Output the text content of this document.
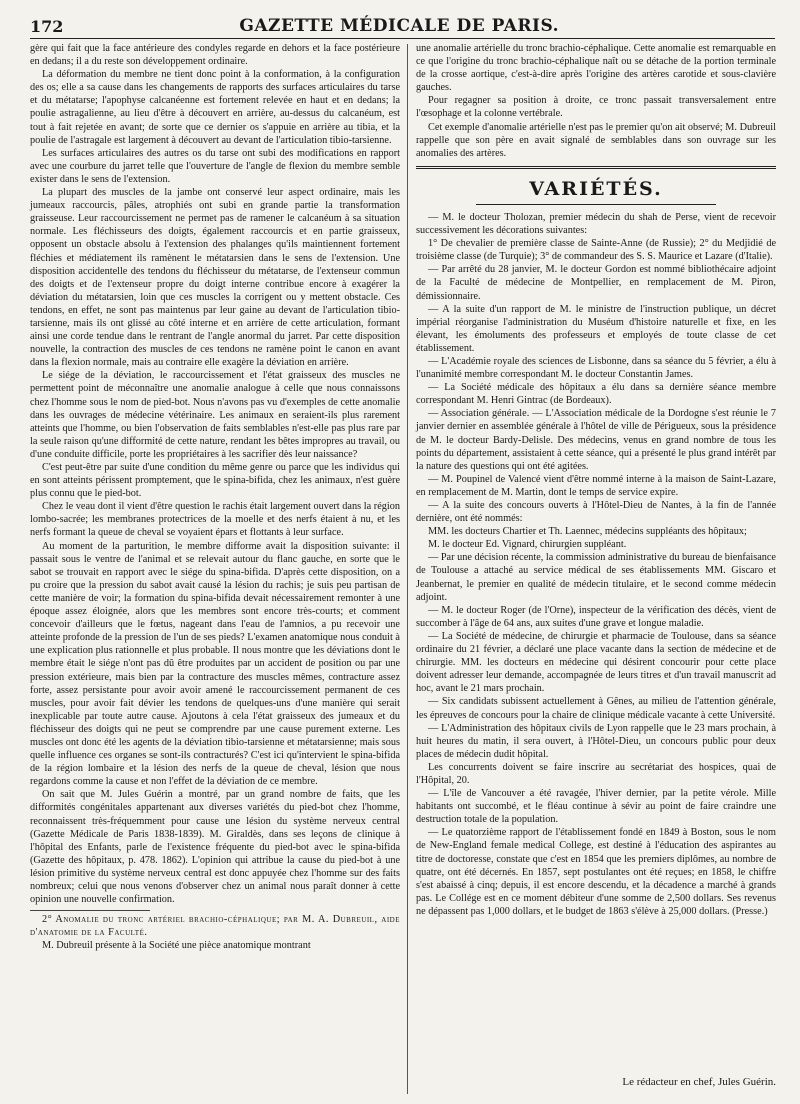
172	GAZETTE MÉDICALE DE PARIS.

gère qui fait que la face antérieure des condyles regarde en dehors et la face postérieure en dedans; il a du reste son développement ordinaire.

La déformation du membre ne tient donc point à la conformation, à la configuration des os; elle a sa cause dans les changements de rapports des surfaces articulaires du tarse et du métatarse; l'apophyse calcanéenne est fortement relevée en haut et en dedans; la poulie astragalienne, au lieu d'être à découvert en arrière, au-dessus du calcanéum, est tout à fait rejetée en avant; de sorte que ce dernier os s'appuie en arrière au tibia, et la poulie de l'astragale est largement à découvert au devant de l'articulation tibio-tarsienne.

Les surfaces articulaires des autres os du tarse ont subi des modifications en rapport avec une courbure du jarret telle que l'ouverture de l'angle de flexion du membre semble exister dans le sens de l'extension.

La plupart des muscles de la jambe ont conservé leur aspect ordinaire, mais les jumeaux raccourcis, pâles, atrophiés ont subi en grande partie la transformation graisseuse. Leur raccourcissement ne permet pas de ramener le calcanéum à sa situation normale. Les fléchisseurs des doigts, également raccourcis et en partie graisseux, opposent un obstacle absolu à l'extension des phalanges qu'ils maintiennent fortement fléchies et médiatement ils ramènent le métatarsien dans le sens de l'extension. Une disposition accidentelle des tendons du fléchisseur du métatarse, de l'extenseur commun des doigts et de l'extenseur propre du doigt interne contribue encore à exagérer la déviation du métatarsien, loin que ces muscles la corrigent ou y mettent obstacle. Ces tendons, en effet, ne sont pas maintenus par leur gaine au devant de l'articulation tibio-tarsienne, mais ils ont glissé au côté interne et en arrière de cette articulation, formant ainsi une corde tendue dans le rentrant de l'angle anormal du jarret. Par cette disposition nouvelle, la contraction des muscles de ces tendons ne ramène point le canon en avant dans la flexion normale, mais au contraire elle exagère la déviation en arrière.

Le siége de la déviation, le raccourcissement et l'état graisseux des muscles ne permettent point de méconnaître une anomalie analogue à celle que nous connaissons chez l'homme sous le nom de pied-bot. Nous n'avons pas vu d'exemples de cette anomalie dans les ouvrages de médecine vétérinaire. Les animaux en seraient-ils plus rarement atteints que l'homme, ou bien l'observation de faits semblables n'est-elle pas plus rare par la seule raison qu'une difformité de cette nature, rendant les bêtes impropres au travail, ou d'une conduite difficile, porte les propriétaires à les sacrifier dès leur naissance?

C'est peut-être par suite d'une condition du même genre ou parce que les individus qui en sont atteints périssent promptement, que le spina-bifida, chez les animaux, n'est guère plus connu que le pied-bot.

Chez le veau dont il vient d'être question le rachis était largement ouvert dans la région lombo-sacrée; les membranes protectrices de la moelle et des nerfs étaient à nu, et les nerfs formant la queue de cheval se voyaient épars et flottants à leur surface.

Au moment de la parturition, le membre difforme avait la disposition suivante: il passait sous le ventre de l'animal et se relevait autour du flanc gauche, en sorte que le sabot se trouvait en rapport avec le siége du spina-bifida. D'après cette disposition, on a pu croire que la pression du sabot avait causé la lésion du rachis; je suis peu partisan de cette manière de voir; la formation du spina-bifida devait nécessairement remonter à une époque assez éloignée, alors que les membres sont encore très-courts; et comment concevoir d'ailleurs que le fœtus, nageant dans l'eau de l'amnios, a pu recevoir une atteinte profonde de la pression de l'un de ses pieds? L'examen anatomique nous conduit à une explication plus rationnelle et plus probable. Il nous montre que les déviations dont le membre était le siége n'ont pas dû être produites par un accident de position ou par une pression extérieure, mais bien par la contracture des muscles mêmes, contracture assez forte, assez persistante pour avoir avoir amené le raccourcissement permanent de ces muscles, pour avoir fait dévier les tendons de quelques-uns d'une manière qui serait inexplicable par toute autre cause. Ajoutons à cela l'état graisseux des jumeaux et du fléchisseur des doigts qui ne peut se comprendre par une cause purement externe. Les muscles ont donc été les agents de la déviation tibio-tarsienne et métatarsienne; mais sous quelle influence ces organes se sont-ils contracturés? C'est ici qu'intervient le spina-bifida de la région lombaire et la lésion des nerfs de la queue de cheval, lésion que nous regardons comme la cause et non l'effet de la déviation de ce membre.

On sait que M. Jules Guérin a montré, par un grand nombre de faits, que les difformités congénitales appartenant aux diverses variétés du pied-bot chez l'homme, reconnaissent très-fréquemment pour cause une lésion du système nerveux central (Gazette Médicale de Paris 1838-1839). M. Giraldès, dans ses leçons de clinique à l'hôpital des Enfants, parle de l'existence fréquente du pied-bot avec le spina-bifida (Gazette des hôpitaux, p. 478. 1862). L'opinion qui attribue la cause du pied-bot à une lésion primitive du système nerveux central est donc appuyée chez l'homme sur des faits nombreux; celui que nous venons d'observer chez un animal nous paraît donner à cette opinion une nouvelle confirmation.

2° Anomalie du tronc artériel brachio-céphalique; par M. A. Dubreuil, aide d'anatomie de la Faculté.

M. Dubreuil présente à la Société une pièce anatomique montrant

une anomalie artérielle du tronc brachio-céphalique. Cette anomalie est remarquable en ce que l'origine du tronc brachio-céphalique naît ou se détache de la portion terminale de la crosse aortique, c'est-à-dire après l'origine des artères carotide et sous-clavière gauches.

Pour regagner sa position à droite, ce tronc passait transversalement entre l'œsophage et la colonne vertébrale.

Cet exemple d'anomalie artérielle n'est pas le premier qu'on ait observé; M. Dubreuil rappelle que son père en avait signalé de semblables dans son ouvrage sur les anomalies des artères.

VARIÉTÉS.

— M. le docteur Tholozan, premier médecin du shah de Perse, vient de recevoir successivement les décorations suivantes:

1° De chevalier de première classe de Sainte-Anne (de Russie); 2° du Medjidié de troisième classe (de Turquie); 3° de commandeur des S. S. Maurice et Lazare (d'Italie).

— Par arrêté du 28 janvier, M. le docteur Gordon est nommé bibliothécaire adjoint de la Faculté de médecine de Montpellier, en remplacement de M. Piron, démissionnaire.

— A la suite d'un rapport de M. le ministre de l'instruction publique, un décret impérial réorganise l'administration du Muséum d'histoire naturelle et fixe, en les élevant, les émoluments des professeurs et employés de toute classe de cet établissement.

— L'Académie royale des sciences de Lisbonne, dans sa séance du 5 février, a élu à l'unanimité membre correspondant M. le docteur Constantin James.

— La Société médicale des hôpitaux a élu dans sa dernière séance membre correspondant M. Henri Gintrac (de Bordeaux).

— Association générale. — L'Association médicale de la Dordogne s'est réunie le 7 janvier dernier en assemblée générale à l'hôtel de ville de Périgueux, sous la présidence de M. le docteur Bardy-Delisle. Des médecins, venus en grand nombre de tous les points du département, assistaient à cette séance, qui a présenté le plus grand intérêt par la nature des questions qui ont été agitées.

— M. Poupinel de Valencé vient d'être nommé interne à la maison de Saint-Lazare, en remplacement de M. Martin, dont le temps de service expire.

— A la suite des concours ouverts à l'Hôtel-Dieu de Nantes, à la fin de l'année dernière, ont été nommés:

MM. les docteurs Chartier et Th. Laennec, médecins suppléants des hôpitaux;

M. le docteur Ed. Vignard, chirurgien suppléant.

— Par une décision récente, la commission administrative du bureau de bienfaisance de Toulouse a attaché au service médical de ses établissements MM. Giscaro et Jeanbernat, le premier en qualité de médecin titulaire, et le second comme médecin adjoint.

— M. le docteur Roger (de l'Orne), inspecteur de la vérification des décès, vient de succomber à l'âge de 64 ans, aux suites d'une grave et longue maladie.

— La Société de médecine, de chirurgie et pharmacie de Toulouse, dans sa séance ordinaire du 21 février, a déclaré une place vacante dans la section de médecine et de chirurgie. MM. les docteurs en médecine qui désirent concourir pour cette place doivent adresser leur demande, accompagnée de leurs titres et d'un travail manuscrit ad hoc, avant le 21 mars prochain.

— Six candidats subissent actuellement à Gênes, au milieu de l'attention générale, les épreuves de concours pour la chaire de clinique médicale vacante à cette Université.

— L'Administration des hôpitaux civils de Lyon rappelle que le 23 mars prochain, à huit heures du matin, il sera ouvert, à l'Hôtel-Dieu, un concours public pour deux places de médecin dudit hôpital.

Les concurrents doivent se faire inscrire au secrétariat des hospices, quai de l'Hôpital, 20.

— L'île de Vancouver a été ravagée, l'hiver dernier, par la petite vérole. Mille habitants ont succombé, et le fléau continue à sévir au point de faire craindre une destruction totale de la population.

— Le quatorzième rapport de l'établissement fondé en 1849 à Boston, sous le nom de New-England female medical College, est destiné à l'éducation des aspirantes au titre de doctoresse, constate que c'est en 1854 que les premiers diplômes, au nombre de quatre, ont été décernés. En 1857, sept postulantes ont été reçues; en 1858, le chiffre s'est abaissé à cinq; depuis, il est encore descendu, et la décadence a marché à grands pas. Le Collége est en ce moment débiteur d'une somme de 2,500 dollars. Ses revenus ne dépassent pas 1,000 dollars, et le budget de 1863 s'élève à 25,000 dollars. (Presse.)

Le rédacteur en chef, Jules Guérin.
